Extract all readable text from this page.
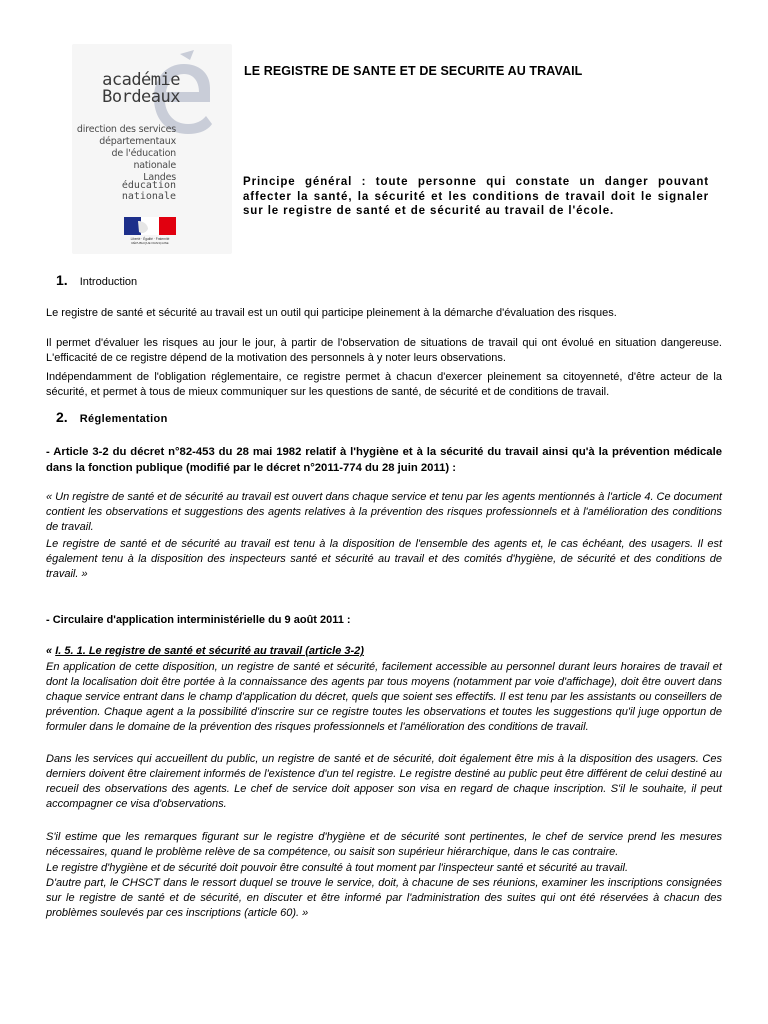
académie
Bordeaux
direction des services
départementaux
de l'éducation nationale
Landes
éducation
nationale
Liberté · Égalité · Fraternité
RÉPUBLIQUE FRANÇAISE
LE REGISTRE DE SANTE ET DE SECURITE AU TRAVAIL
Principe général : toute personne qui constate un danger pouvant affecter la santé, la sécurité et les conditions de travail doit le signaler sur le registre de santé et de sécurité au travail de l'école.
1. Introduction

Le registre de santé et sécurité au travail est un outil qui participe pleinement à la démarche d'évaluation des risques.

Il permet d'évaluer les risques au jour le jour, à partir de l'observation de situations de travail qui ont évolué en situation dangereuse. L'efficacité de ce registre dépend de la motivation des personnels à y noter leurs observations.

Indépendamment de l'obligation réglementaire, ce registre permet à chacun d'exercer pleinement sa citoyenneté, d'être acteur de la sécurité, et permet à tous de mieux communiquer sur les questions de santé, de sécurité et de conditions de travail.

2. Réglementation

- Article 3-2 du décret n°82-453 du 28 mai 1982 relatif à l'hygiène et à la sécurité du travail ainsi qu'à la prévention médicale dans la fonction publique (modifié par le décret n°2011-774 du 28 juin 2011) :

« Un registre de santé et de sécurité au travail est ouvert dans chaque service et tenu par les agents mentionnés à l'article 4. Ce document contient les observations et suggestions des agents relatives à la prévention des risques professionnels et à l'amélioration des conditions de travail.

Le registre de santé et de sécurité au travail est tenu à la disposition de l'ensemble des agents et, le cas échéant, des usagers. Il est également tenu à la disposition des inspecteurs santé et sécurité au travail et des comités d'hygiène, de sécurité et des conditions de travail. »

- Circulaire d'application interministérielle du 9 août 2011 :

« I. 5. 1. Le registre de santé et sécurité au travail (article 3-2)

En application de cette disposition, un registre de santé et sécurité, facilement accessible au personnel durant leurs horaires de travail et dont la localisation doit être portée à la connaissance des agents par tous moyens (notamment par voie d'affichage), doit être ouvert dans chaque service entrant dans le champ d'application du décret, quels que soient ses effectifs. Il est tenu par les assistants ou conseillers de prévention. Chaque agent a la possibilité d'inscrire sur ce registre toutes les observations et toutes les suggestions qu'il juge opportun de formuler dans le domaine de la prévention des risques professionnels et l'amélioration des conditions de travail.

Dans les services qui accueillent du public, un registre de santé et de sécurité, doit également être mis à la disposition des usagers. Ces derniers doivent être clairement informés de l'existence d'un tel registre. Le registre destiné au public peut être différent de celui destiné au recueil des observations des agents. Le chef de service doit apposer son visa en regard de chaque inscription. S'il le souhaite, il peut accompagner ce visa d'observations.

S'il estime que les remarques figurant sur le registre d'hygiène et de sécurité sont pertinentes, le chef de service prend les mesures nécessaires, quand le problème relève de sa compétence, ou saisit son supérieur hiérarchique, dans le cas contraire.

Le registre d'hygiène et de sécurité doit pouvoir être consulté à tout moment par l'inspecteur santé et sécurité au travail.

D'autre part, le CHSCT dans le ressort duquel se trouve le service, doit, à chacune de ses réunions, examiner les inscriptions consignées sur le registre de santé et de sécurité, en discuter et être informé par l'administration des suites qui ont été réservées à chacun des problèmes soulevés par ces inscriptions (article 60). »
